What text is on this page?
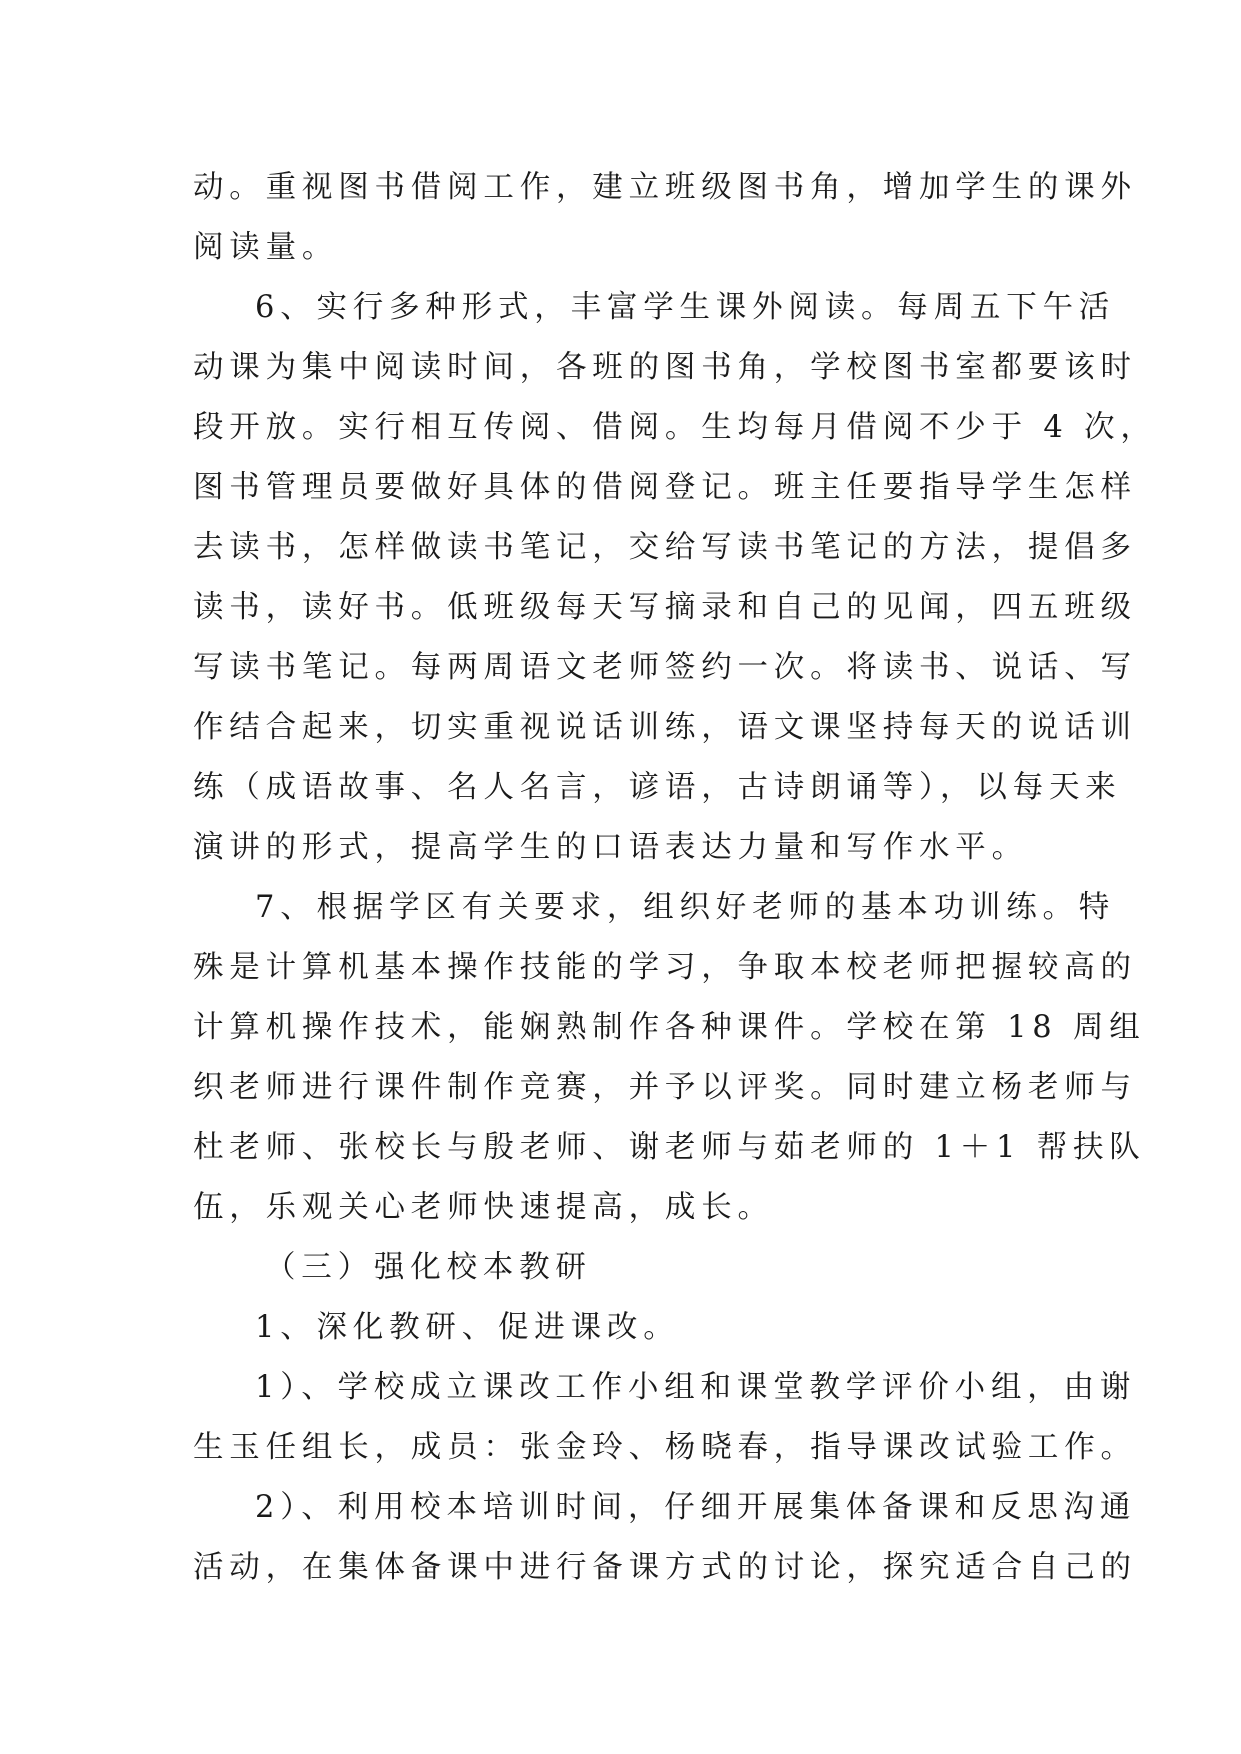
动。重视图书借阅工作，建立班级图书角，增加学生的课外
阅读量。
6、实行多种形式，丰富学生课外阅读。每周五下午活
动课为集中阅读时间，各班的图书角，学校图书室都要该时
段开放。实行相互传阅、借阅。生均每月借阅不少于 4 次，
图书管理员要做好具体的借阅登记。班主任要指导学生怎样
去读书，怎样做读书笔记，交给写读书笔记的方法，提倡多
读书，读好书。低班级每天写摘录和自己的见闻，四五班级
写读书笔记。每两周语文老师签约一次。将读书、说话、写
作结合起来，切实重视说话训练，语文课坚持每天的说话训
练（成语故事、名人名言，谚语，古诗朗诵等），以每天来
演讲的形式，提高学生的口语表达力量和写作水平。
7、根据学区有关要求，组织好老师的基本功训练。特
殊是计算机基本操作技能的学习，争取本校老师把握较高的
计算机操作技术，能娴熟制作各种课件。学校在第 18 周组
织老师进行课件制作竞赛，并予以评奖。同时建立杨老师与
杜老师、张校长与殷老师、谢老师与茹老师的 1＋1 帮扶队
伍，乐观关心老师快速提高，成长。
（三）强化校本教研
1、深化教研、促进课改。
1）、学校成立课改工作小组和课堂教学评价小组，由谢
生玉任组长，成员：张金玲、杨晓春，指导课改试验工作。
2）、利用校本培训时间，仔细开展集体备课和反思沟通
活动，在集体备课中进行备课方式的讨论，探究适合自己的
